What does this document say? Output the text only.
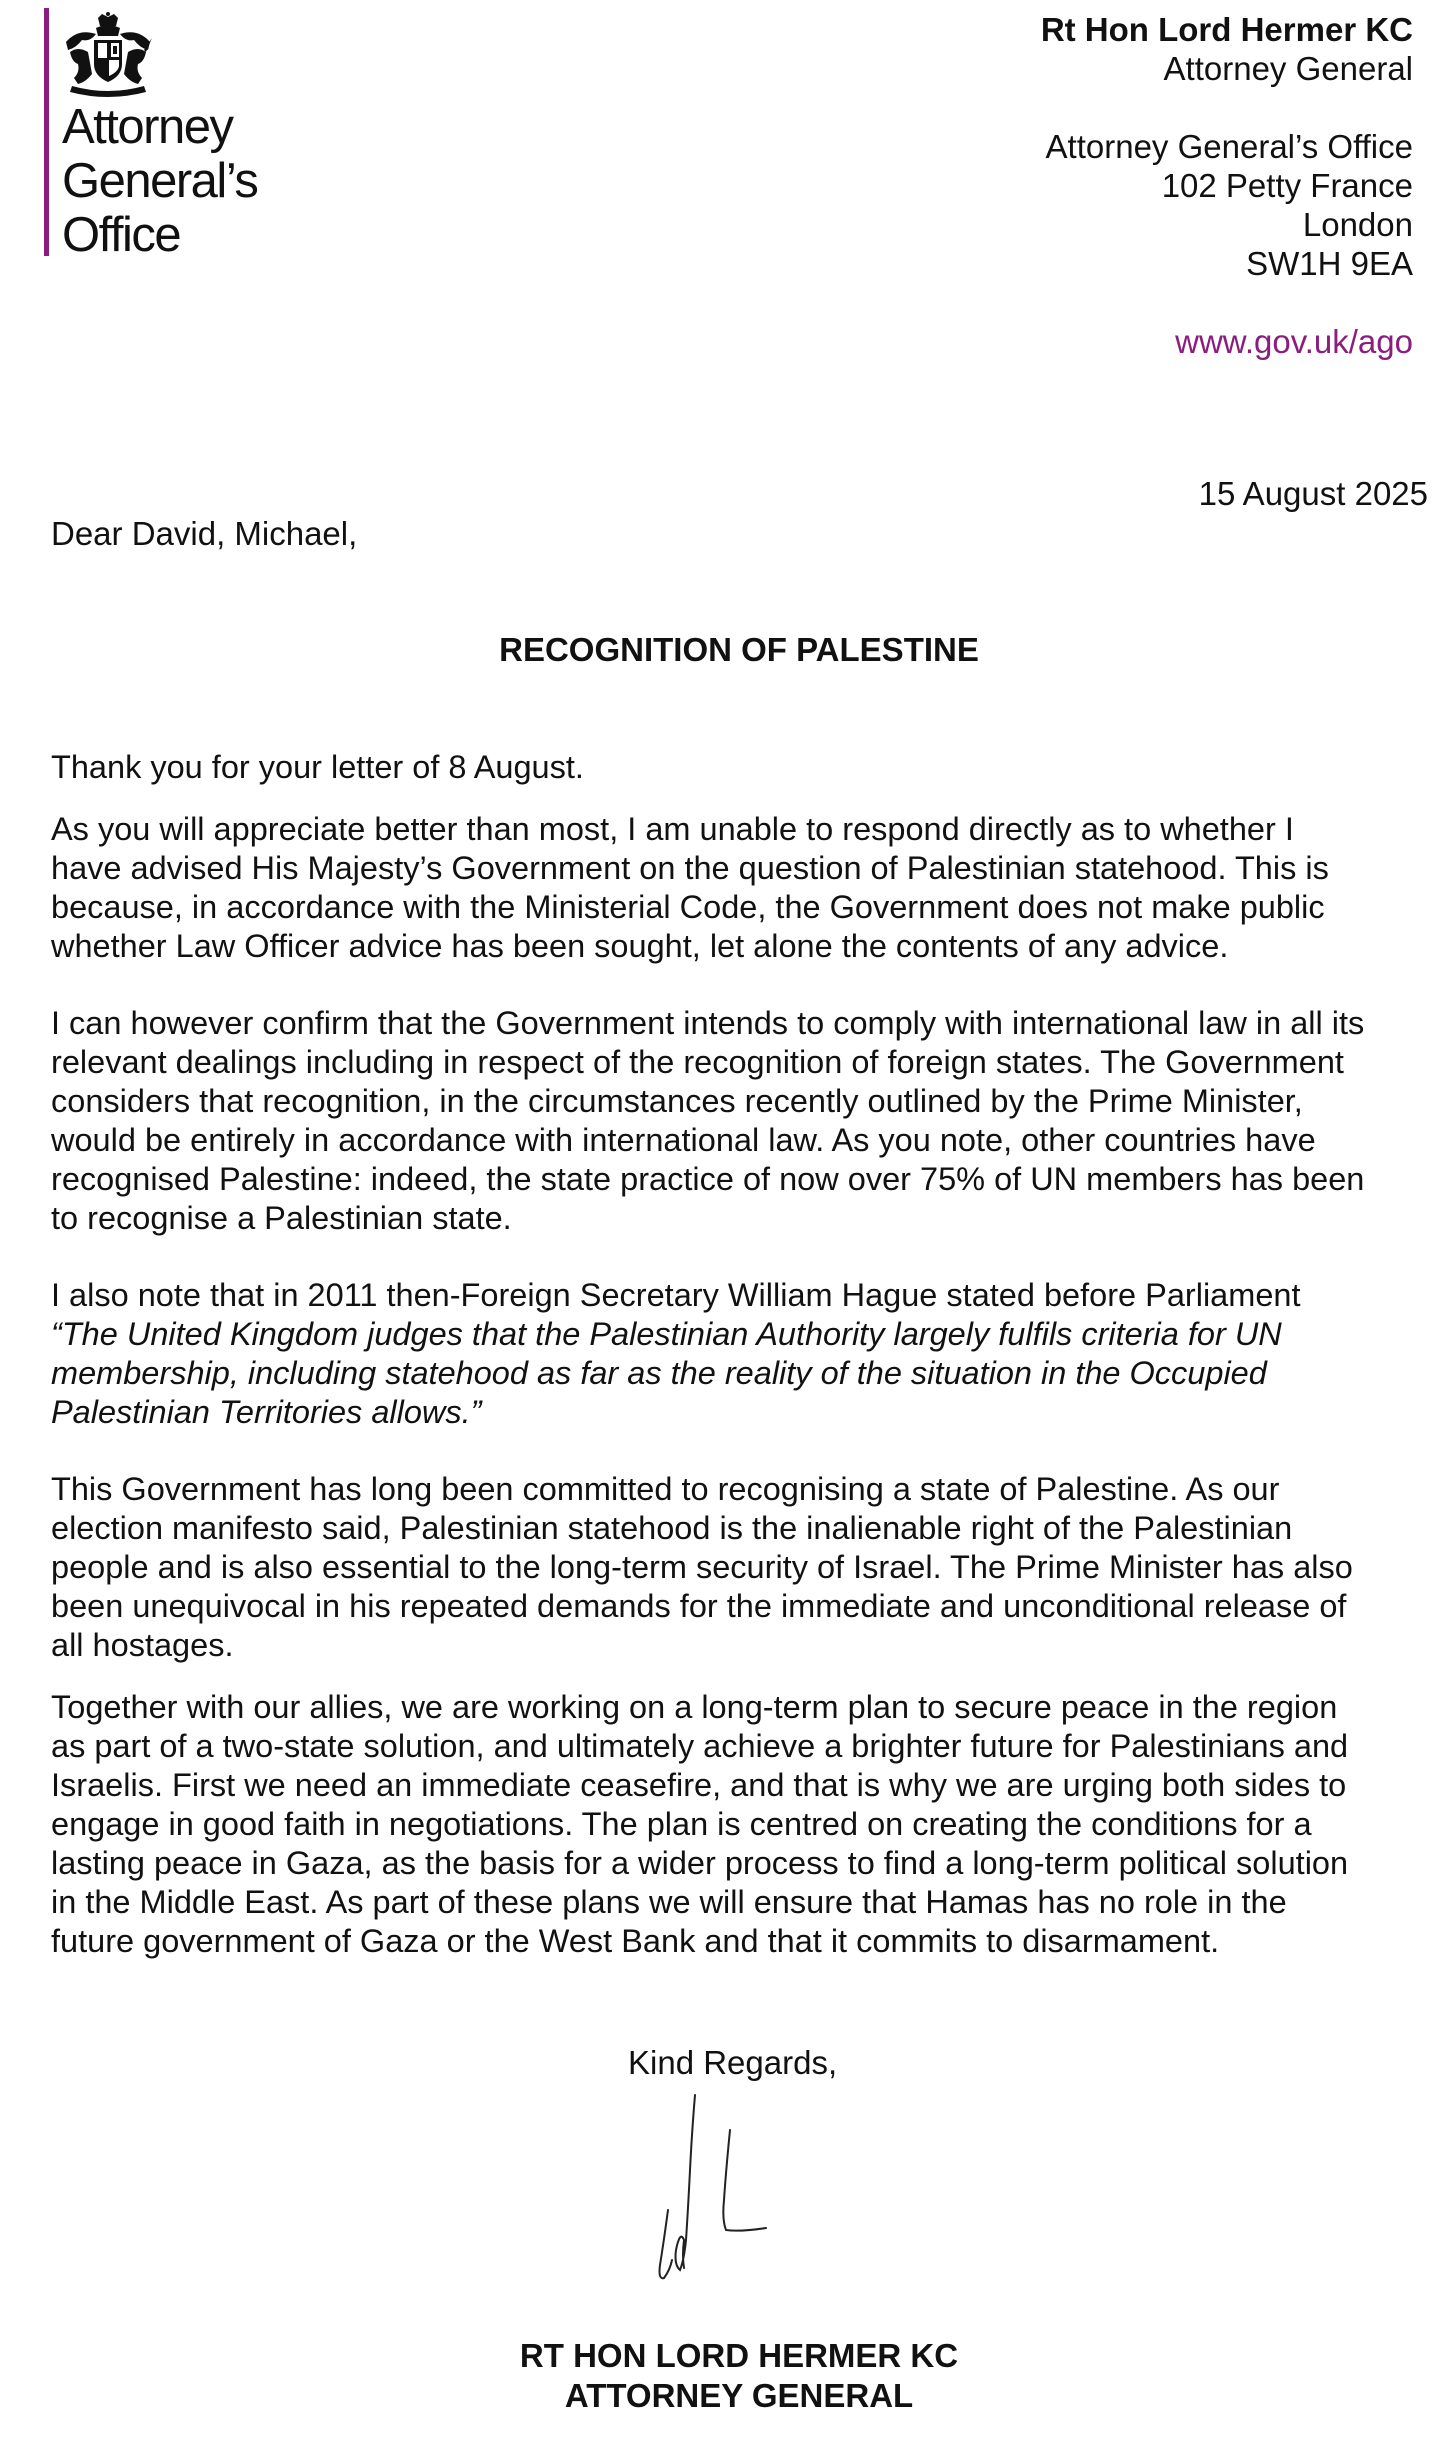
Attorney
General’s
Office
Rt Hon Lord Hermer KC
Attorney General
Attorney General’s Office
102 Petty France
London
SW1H 9EA
www.gov.uk/ago
15 August 2025
Dear David, Michael,
RECOGNITION OF PALESTINE

Thank you for your letter of 8 August.

As you will appreciate better than most, I am unable to respond directly as to whether I

have advised His Majesty’s Government on the question of Palestinian statehood. This is

because, in accordance with the Ministerial Code, the Government does not make public

whether Law Officer advice has been sought, let alone the contents of any advice.

I can however confirm that the Government intends to comply with international law in all its

relevant dealings including in respect of the recognition of foreign states. The Government

considers that recognition, in the circumstances recently outlined by the Prime Minister,

would be entirely in accordance with international law. As you note, other countries have

recognised Palestine: indeed, the state practice of now over 75% of UN members has been

to recognise a Palestinian state.

I also note that in 2011 then-Foreign Secretary William Hague stated before Parliament

“The United Kingdom judges that the Palestinian Authority largely fulfils criteria for UN

membership, including statehood as far as the reality of the situation in the Occupied

Palestinian Territories allows.”

This Government has long been committed to recognising a state of Palestine. As our

election manifesto said, Palestinian statehood is the inalienable right of the Palestinian

people and is also essential to the long-term security of Israel. The Prime Minister has also

been unequivocal in his repeated demands for the immediate and unconditional release of

all hostages.

Together with our allies, we are working on a long-term plan to secure peace in the region

as part of a two-state solution, and ultimately achieve a brighter future for Palestinians and

Israelis. First we need an immediate ceasefire, and that is why we are urging both sides to

engage in good faith in negotiations. The plan is centred on creating the conditions for a

lasting peace in Gaza, as the basis for a wider process to find a long-term political solution

in the Middle East. As part of these plans we will ensure that Hamas has no role in the

future government of Gaza or the West Bank and that it commits to disarmament.

Kind Regards,
RT HON LORD HERMER KC
ATTORNEY GENERAL
